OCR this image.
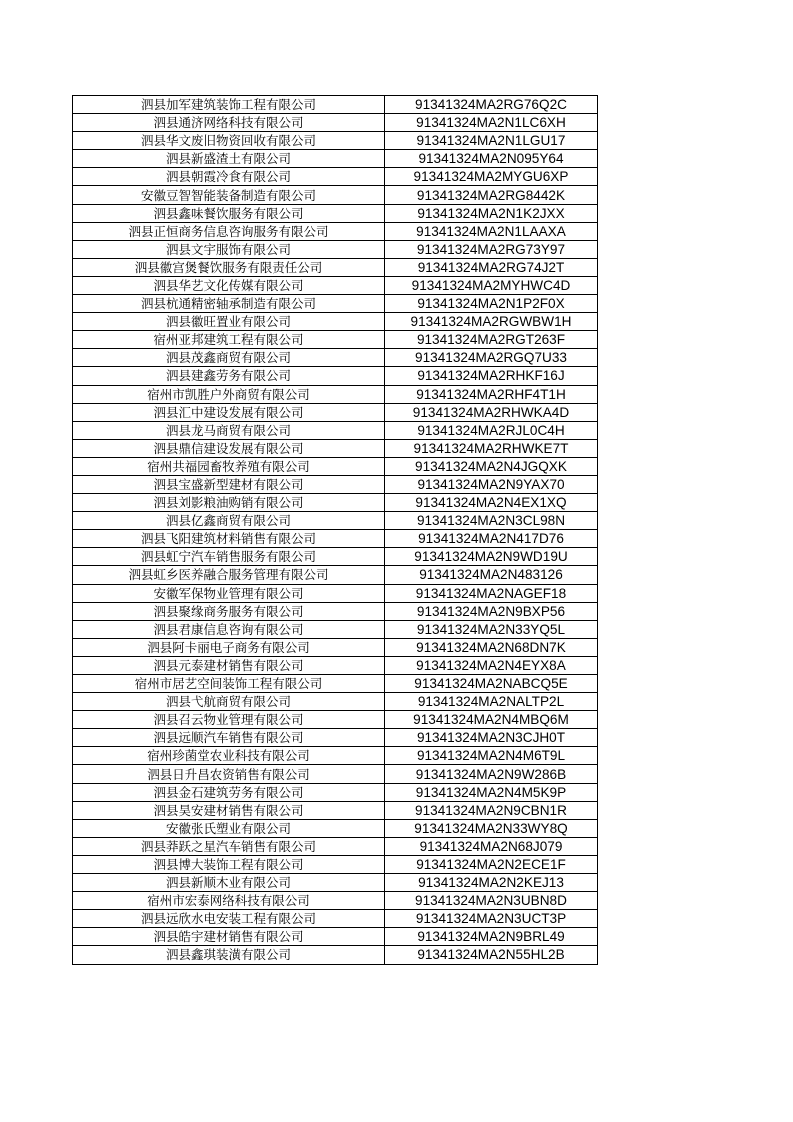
泗县加军建筑装饰工程有限公司	91341324MA2RG76Q2C
泗县通济网络科技有限公司	91341324MA2N1LC6XH
泗县华文废旧物资回收有限公司	91341324MA2N1LGU17
泗县新盛渣土有限公司	91341324MA2N095Y64
泗县朝霞冷食有限公司	91341324MA2MYGU6XP
安徽豆智智能装备制造有限公司	91341324MA2RG8442K
泗县鑫味餐饮服务有限公司	91341324MA2N1K2JXX
泗县正恒商务信息咨询服务有限公司	91341324MA2N1LAAXA
泗县文宇服饰有限公司	91341324MA2RG73Y97
泗县徽宫煲餐饮服务有限责任公司	91341324MA2RG74J2T
泗县华艺文化传媒有限公司	91341324MA2MYHWC4D
泗县杭通精密轴承制造有限公司	91341324MA2N1P2F0X
泗县徽旺置业有限公司	91341324MA2RGWBW1H
宿州亚邦建筑工程有限公司	91341324MA2RGT263F
泗县茂鑫商贸有限公司	91341324MA2RGQ7U33
泗县建鑫劳务有限公司	91341324MA2RHKF16J
宿州市凯胜户外商贸有限公司	91341324MA2RHF4T1H
泗县汇中建设发展有限公司	91341324MA2RHWKA4D
泗县龙马商贸有限公司	91341324MA2RJL0C4H
泗县鼎信建设发展有限公司	91341324MA2RHWKE7T
宿州共福园畜牧养殖有限公司	91341324MA2N4JGQXK
泗县宝盛新型建材有限公司	91341324MA2N9YAX70
泗县刘影粮油购销有限公司	91341324MA2N4EX1XQ
泗县亿鑫商贸有限公司	91341324MA2N3CL98N
泗县飞阳建筑材料销售有限公司	91341324MA2N417D76
泗县虹宁汽车销售服务有限公司	91341324MA2N9WD19U
泗县虹乡医养融合服务管理有限公司	91341324MA2N483126
安徽军保物业管理有限公司	91341324MA2NAGEF18
泗县聚缘商务服务有限公司	91341324MA2N9BXP56
泗县君康信息咨询有限公司	91341324MA2N33YQ5L
泗县阿卡丽电子商务有限公司	91341324MA2N68DN7K
泗县元泰建材销售有限公司	91341324MA2N4EYX8A
宿州市居艺空间装饰工程有限公司	91341324MA2NABCQ5E
泗县弋航商贸有限公司	91341324MA2NALTP2L
泗县召云物业管理有限公司	91341324MA2N4MBQ6M
泗县远顺汽车销售有限公司	91341324MA2N3CJH0T
宿州珍菌堂农业科技有限公司	91341324MA2N4M6T9L
泗县日升昌农资销售有限公司	91341324MA2N9W286B
泗县金石建筑劳务有限公司	91341324MA2N4M5K9P
泗县昊安建材销售有限公司	91341324MA2N9CBN1R
安徽张氏塑业有限公司	91341324MA2N33WY8Q
泗县莽跃之星汽车销售有限公司	91341324MA2N68J079
泗县博大装饰工程有限公司	91341324MA2N2ECE1F
泗县新顺木业有限公司	91341324MA2N2KEJ13
宿州市宏泰网络科技有限公司	91341324MA2N3UBN8D
泗县远欣水电安装工程有限公司	91341324MA2N3UCT3P
泗县皓宇建材销售有限公司	91341324MA2N9BRL49
泗县鑫琪装潢有限公司	91341324MA2N55HL2B
